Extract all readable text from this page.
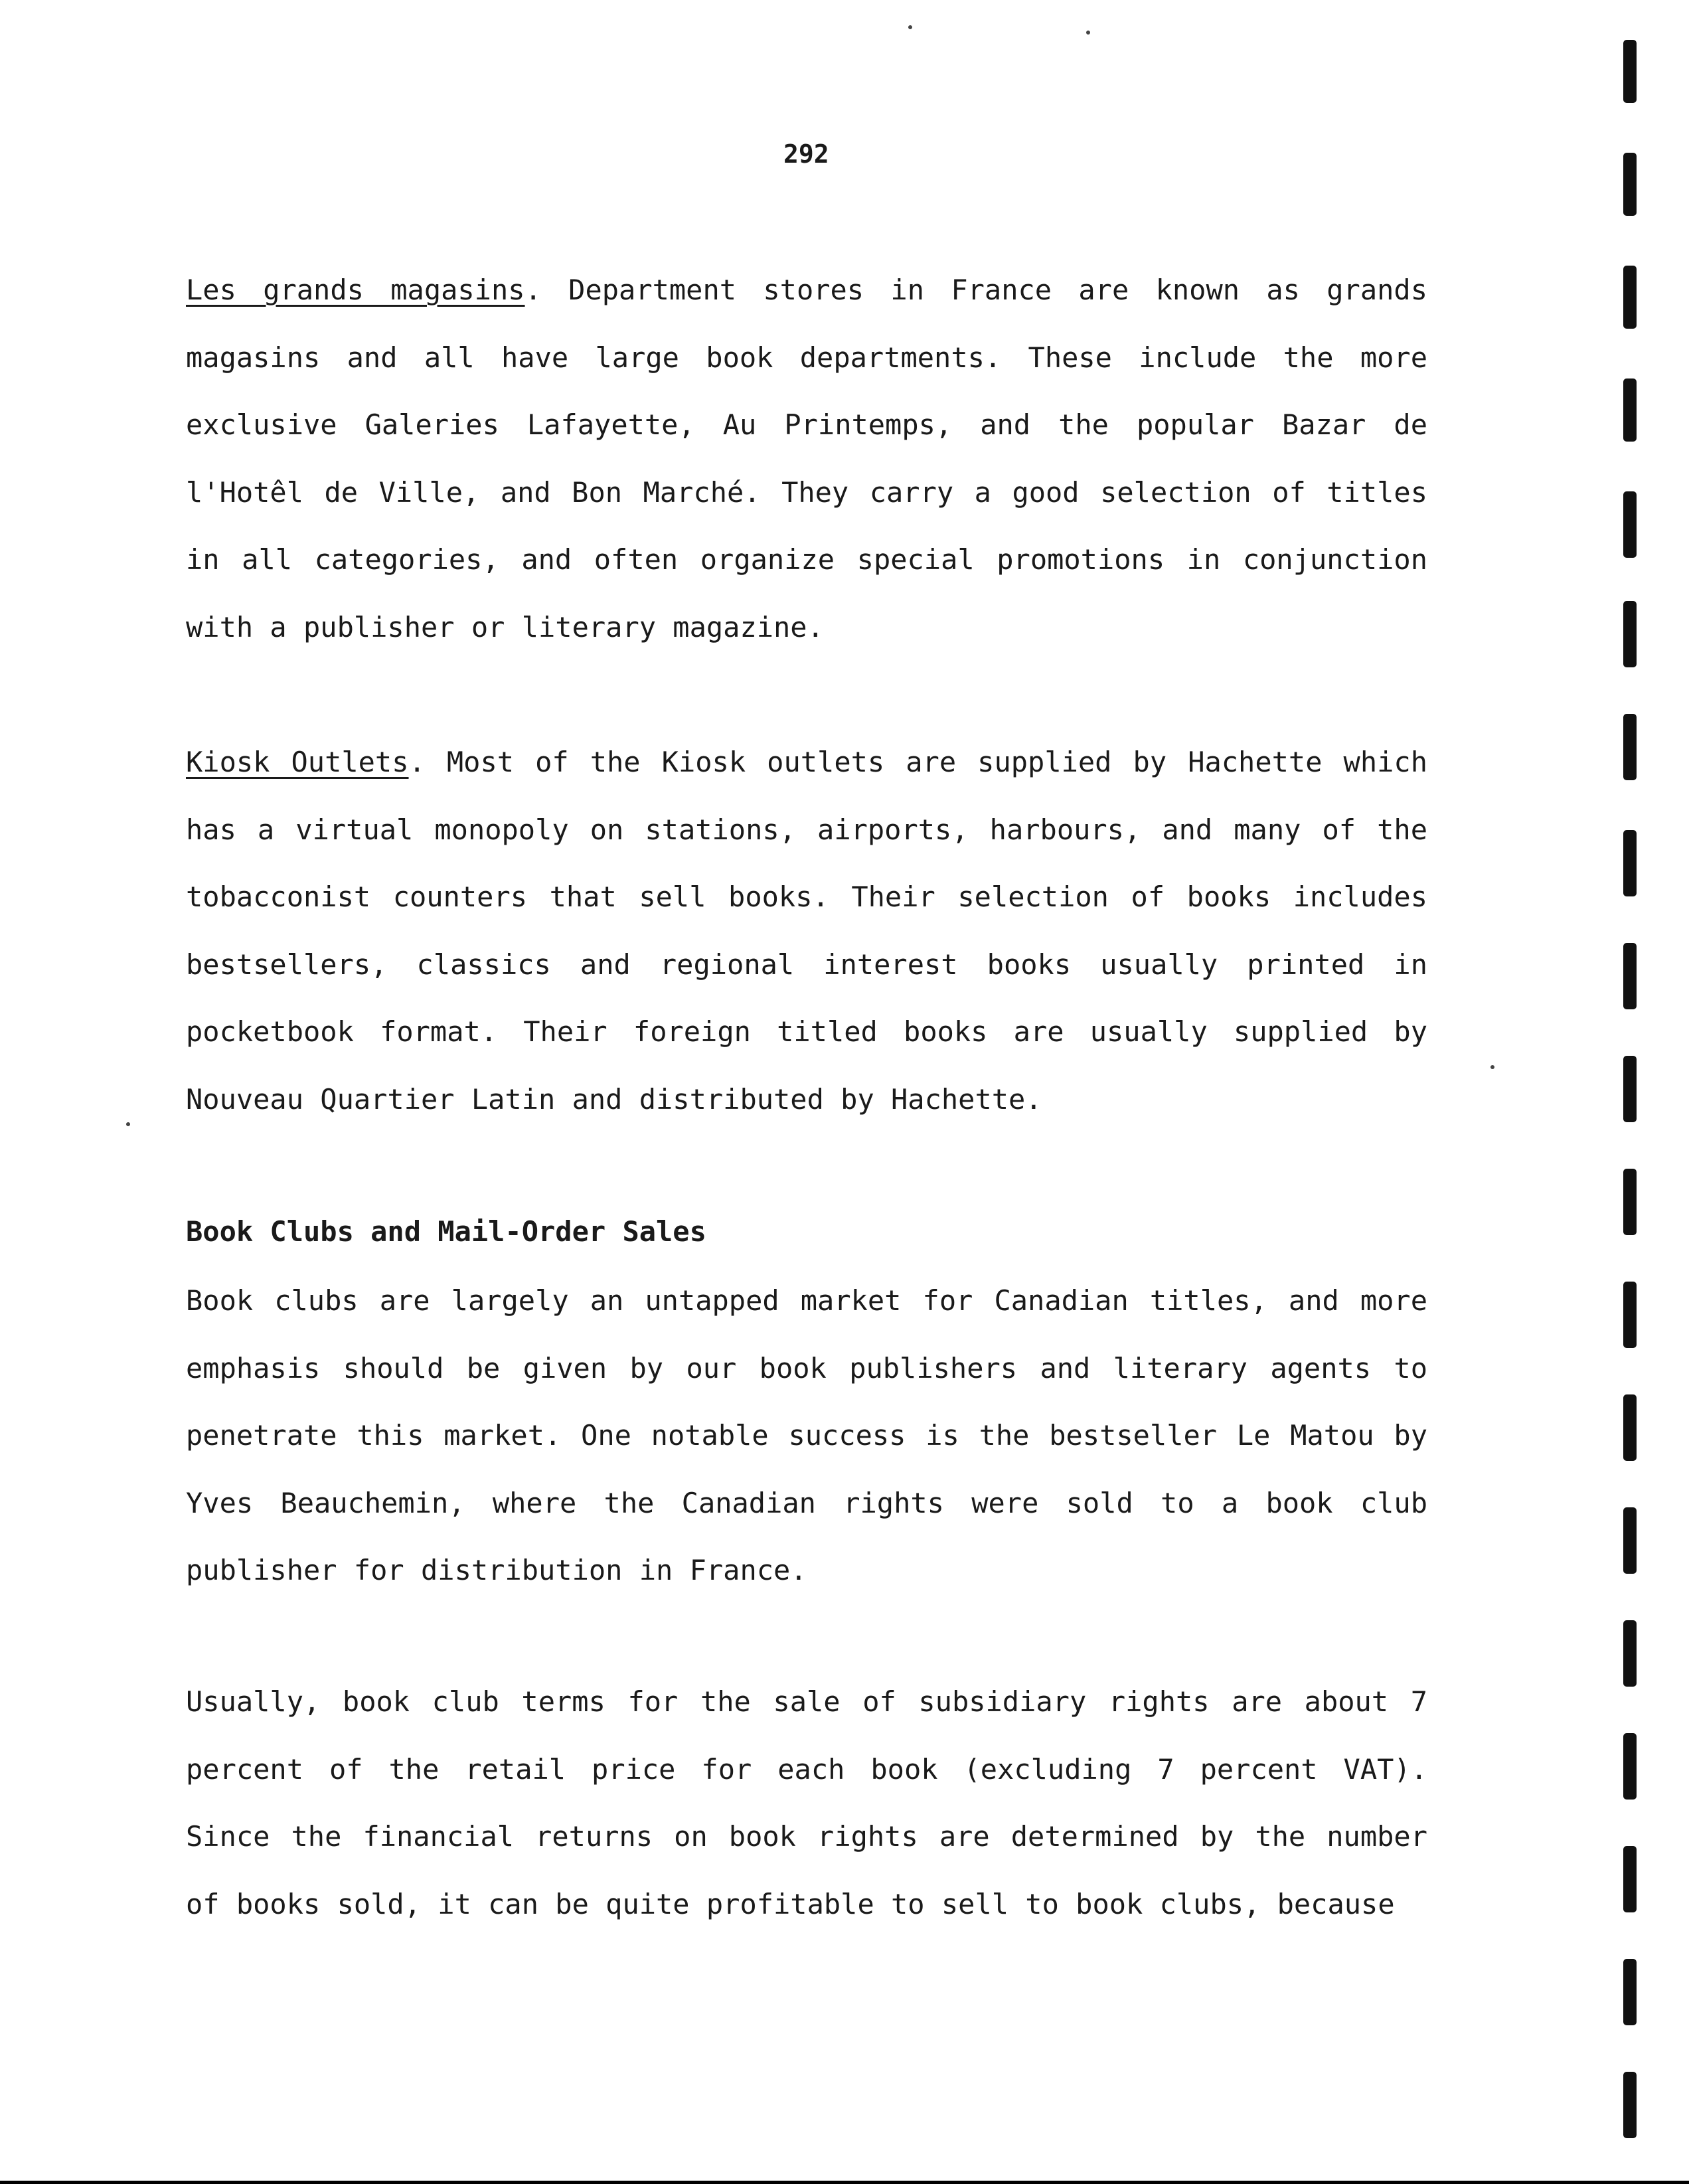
292

Les grands magasins. Department stores in France are known as grands magasins and all have large book departments. These include the more exclusive Galeries Lafayette, Au Printemps, and the popular Bazar de l'Hotêl de Ville, and Bon Marché. They carry a good selection of titles in all categories, and often organize special promotions in conjunction with a publisher or literary magazine.

Kiosk Outlets. Most of the Kiosk outlets are supplied by Hachette which has a virtual monopoly on stations, airports, harbours, and many of the tobacconist counters that sell books. Their selection of books includes bestsellers, classics and regional interest books usually printed in pocketbook format. Their foreign titled books are usually supplied by Nouveau Quartier Latin and distributed by Hachette.

Book Clubs and Mail-Order Sales

Book clubs are largely an untapped market for Canadian titles, and more emphasis should be given by our book publishers and literary agents to penetrate this market. One notable success is the bestseller Le Matou by Yves Beauchemin, where the Canadian rights were sold to a book club publisher for distribution in France.

Usually, book club terms for the sale of subsidiary rights are about 7 percent of the retail price for each book (excluding 7 percent VAT). Since the financial returns on book rights are determined by the number of books sold, it can be quite profitable to sell to book clubs, because
